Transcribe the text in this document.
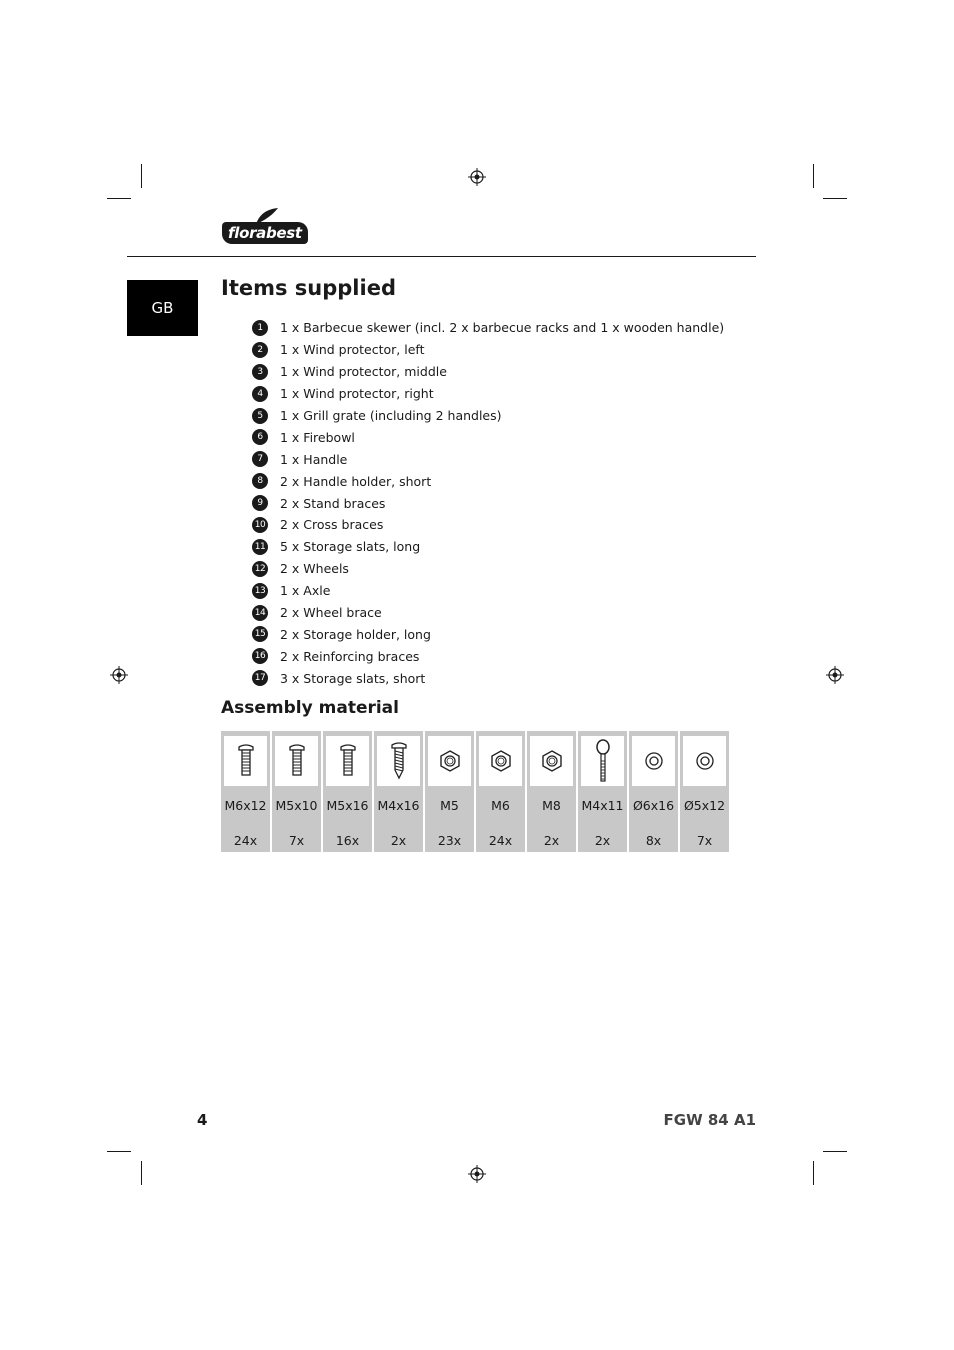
florabest
GB
Items supplied
1	1 x Barbecue skewer (incl. 2 x barbecue racks and 1 x wooden handle)
2	1 x Wind protector, left
3	1 x Wind protector, middle
4	1 x Wind protector, right
5	1 x Grill grate (including 2 handles)
6	1 x Firebowl
7	1 x Handle
8	2 x Handle holder, short
9	2 x Stand braces
10 2 x Cross braces
11 5 x Storage slats, long
12 2 x Wheels
13 1 x Axle
14 2 x Wheel brace
15 2 x Storage holder, long
16 2 x Reinforcing braces
17 3 x Storage slats, short
Assembly material
M6x12
24x
M5x10
7x
M5x16
16x
M4x16
2x
M5
23x
M6
24x
M8
2x
M4x11
2x
Ø6x16
8x
Ø5x12
7x
4	FGW 84 A1
